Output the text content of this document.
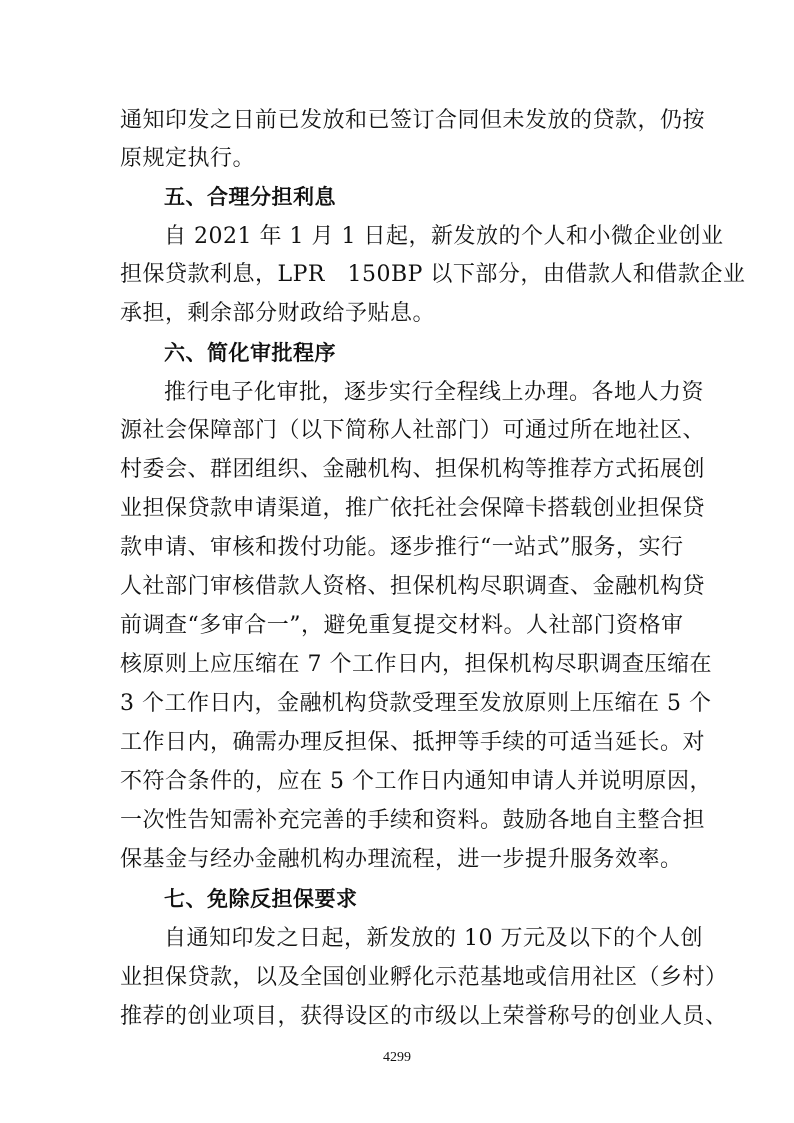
通知印发之日前已发放和已签订合同但未发放的贷款，仍按
原规定执行。
五、合理分担利息
自 2021 年 1 月 1 日起，新发放的个人和小微企业创业
担保贷款利息，LPR　150BP 以下部分，由借款人和借款企业
承担，剩余部分财政给予贴息。
六、简化审批程序
推行电子化审批，逐步实行全程线上办理。各地人力资
源社会保障部门（以下简称人社部门）可通过所在地社区、
村委会、群团组织、金融机构、担保机构等推荐方式拓展创
业担保贷款申请渠道，推广依托社会保障卡搭载创业担保贷
款申请、审核和拨付功能。逐步推行“一站式”服务，实行
人社部门审核借款人资格、担保机构尽职调查、金融机构贷
前调查“多审合一”，避免重复提交材料。人社部门资格审
核原则上应压缩在 7 个工作日内，担保机构尽职调查压缩在
3 个工作日内，金融机构贷款受理至发放原则上压缩在 5 个
工作日内，确需办理反担保、抵押等手续的可适当延长。对
不符合条件的，应在 5 个工作日内通知申请人并说明原因，
一次性告知需补充完善的手续和资料。鼓励各地自主整合担
保基金与经办金融机构办理流程，进一步提升服务效率。
七、免除反担保要求
自通知印发之日起，新发放的 10 万元及以下的个人创
业担保贷款，以及全国创业孵化示范基地或信用社区（乡村）
推荐的创业项目，获得设区的市级以上荣誉称号的创业人员、
4299
